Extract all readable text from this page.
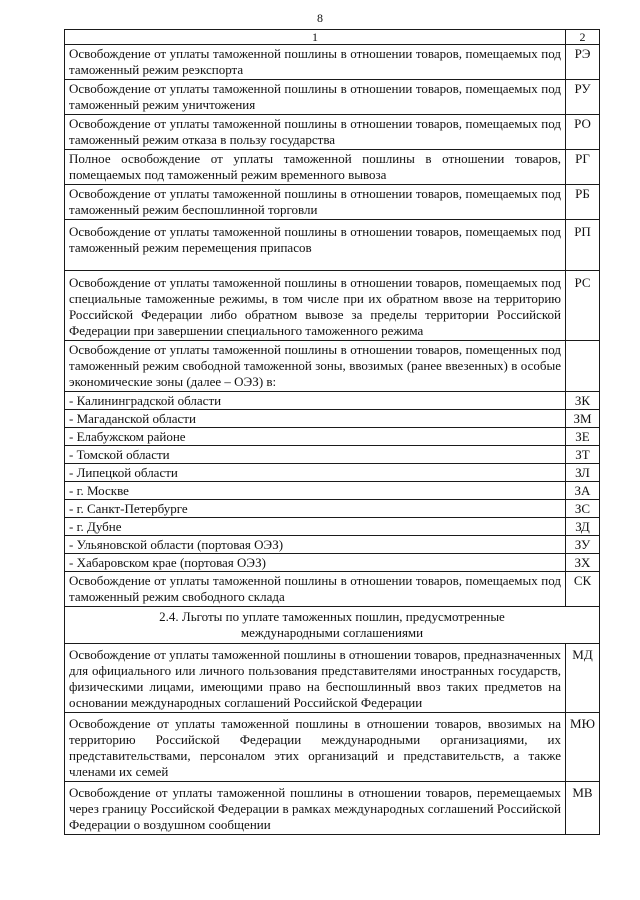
8
1	2
Освобождение от уплаты таможенной пошлины в отношении товаров, помещаемых под таможенный режим реэкспорта	РЭ
Освобождение от уплаты таможенной пошлины в отношении товаров, помещаемых под таможенный режим уничтожения	РУ
Освобождение от уплаты таможенной пошлины в отношении товаров, помещаемых под таможенный режим отказа в пользу государства	РО
Полное освобождение от уплаты таможенной пошлины в отношении товаров, помещаемых под таможенный режим временного вывоза	РГ
Освобождение от уплаты таможенной пошлины в отношении товаров, помещаемых под таможенный режим беспошлинной торговли	РБ
Освобождение от уплаты таможенной пошлины в отношении товаров, помещаемых под таможенный режим перемещения припасов	РП
Освобождение от уплаты таможенной пошлины в отношении товаров, помещаемых под специальные таможенные режимы, в том числе при их обратном ввозе на территорию Российской Федерации либо обратном вывозе за пределы территории Российской Федерации при завершении специального таможенного режима	РС
Освобождение от уплаты таможенной пошлины в отношении товаров, помещенных под таможенный режим свободной таможенной зоны, ввозимых (ранее ввезенных) в особые экономические зоны (далее – ОЭЗ) в:	
- Калининградской области	ЗК
- Магаданской области	ЗМ
- Елабужском районе	ЗЕ
- Томской области	ЗТ
- Липецкой области	ЗЛ
- г. Москве	ЗА
- г. Санкт-Петербурге	ЗС
- г. Дубне	ЗД
- Ульяновской области (портовая ОЭЗ)	ЗУ
- Хабаровском крае (портовая ОЭЗ)	ЗХ
Освобождение от уплаты таможенной пошлины в отношении товаров, помещаемых под таможенный режим свободного склада	СК
2.4. Льготы по уплате таможенных пошлин, предусмотренные международными соглашениями	
Освобождение от уплаты таможенной пошлины в отношении товаров, предназначенных для официального или личного пользования представителями иностранных государств, физическими лицами, имеющими право на беспошлинный ввоз таких предметов на основании международных соглашений Российской Федерации	МД
Освобождение от уплаты таможенной пошлины в отношении товаров, ввозимых на территорию Российской Федерации международными организациями, их представительствами, персоналом этих организаций и представительств, а также членами их семей	МЮ
Освобождение от уплаты таможенной пошлины в отношении товаров, перемещаемых через границу Российской Федерации в рамках международных соглашений Российской Федерации о воздушном сообщении	МВ
